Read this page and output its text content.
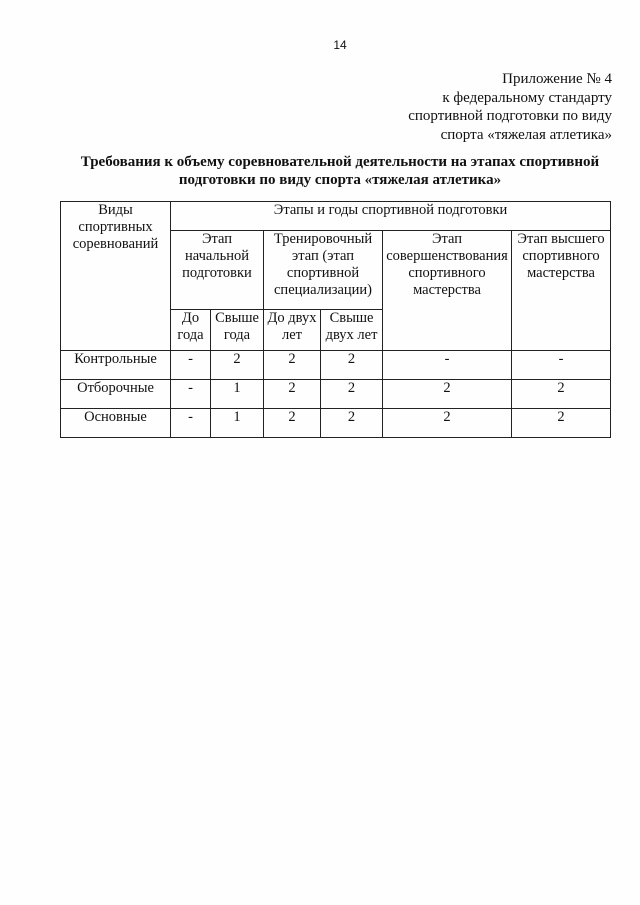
14
Приложение № 4
к федеральному стандарту
спортивной подготовки по виду
спорта «тяжелая атлетика»
Требования к объему соревновательной деятельности на этапах спортивной
подготовки по виду спорта «тяжелая атлетика»
Виды спортивных соревнований	Этапы и годы спортивной подготовки					
	Этап начальной подготовки		Тренировочный этап (этап спортивной специализации)		Этап совершенствования спортивного мастерства	Этап высшего спортивного мастерства
	До года	Свыше года	До двух лет	Свыше двух лет		
Контрольные	-	2	2	2	-	-
Отборочные	-	1	2	2	2	2
Основные	-	1	2	2	2	2
